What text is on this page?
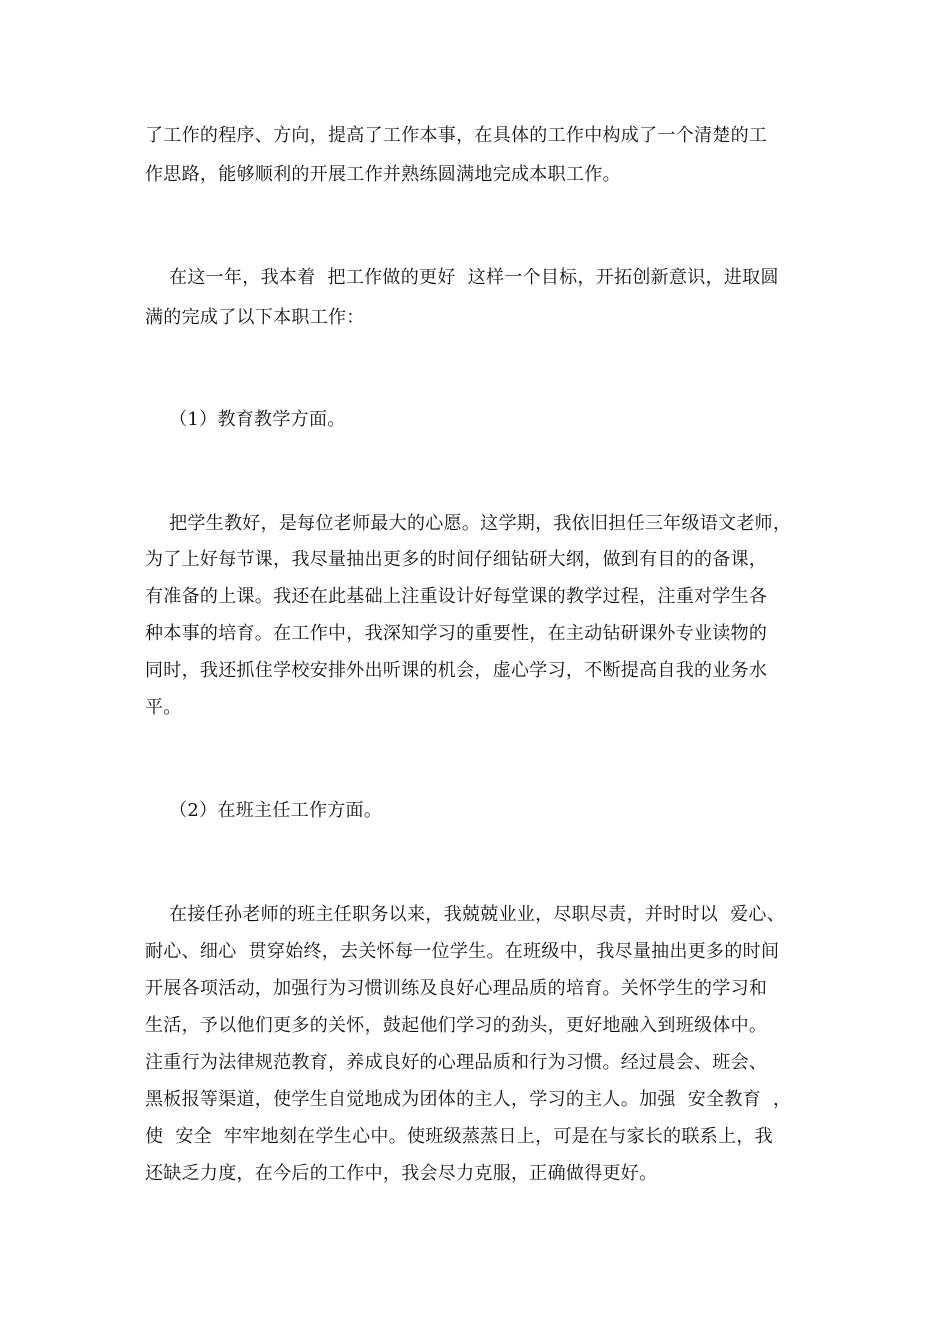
了工作的程序、方向，提高了工作本事，在具体的工作中构成了一个清楚的工
作思路，能够顺利的开展工作并熟练圆满地完成本职工作。
在这一年，我本着  把工作做的更好  这样一个目标，开拓创新意识，进取圆
满的完成了以下本职工作：
（1）教育教学方面。
把学生教好，是每位老师最大的心愿。这学期，我依旧担任三年级语文老师，
为了上好每节课，我尽量抽出更多的时间仔细钻研大纲，做到有目的的备课，
有准备的上课。我还在此基础上注重设计好每堂课的教学过程，注重对学生各
种本事的培育。在工作中，我深知学习的重要性，在主动钻研课外专业读物的
同时，我还抓住学校安排外出听课的机会，虚心学习，不断提高自我的业务水
平。
（2）在班主任工作方面。
在接任孙老师的班主任职务以来，我兢兢业业，尽职尽责，并时时以  爱心、
耐心、细心  贯穿始终，去关怀每一位学生。在班级中，我尽量抽出更多的时间
开展各项活动，加强行为习惯训练及良好心理品质的培育。关怀学生的学习和
生活，予以他们更多的关怀，鼓起他们学习的劲头，更好地融入到班级体中。
注重行为法律规范教育，养成良好的心理品质和行为习惯。经过晨会、班会、
黑板报等渠道，使学生自觉地成为团体的主人，学习的主人。加强  安全教育  ，
使  安全  牢牢地刻在学生心中。使班级蒸蒸日上，可是在与家长的联系上，我
还缺乏力度，在今后的工作中，我会尽力克服，正确做得更好。
